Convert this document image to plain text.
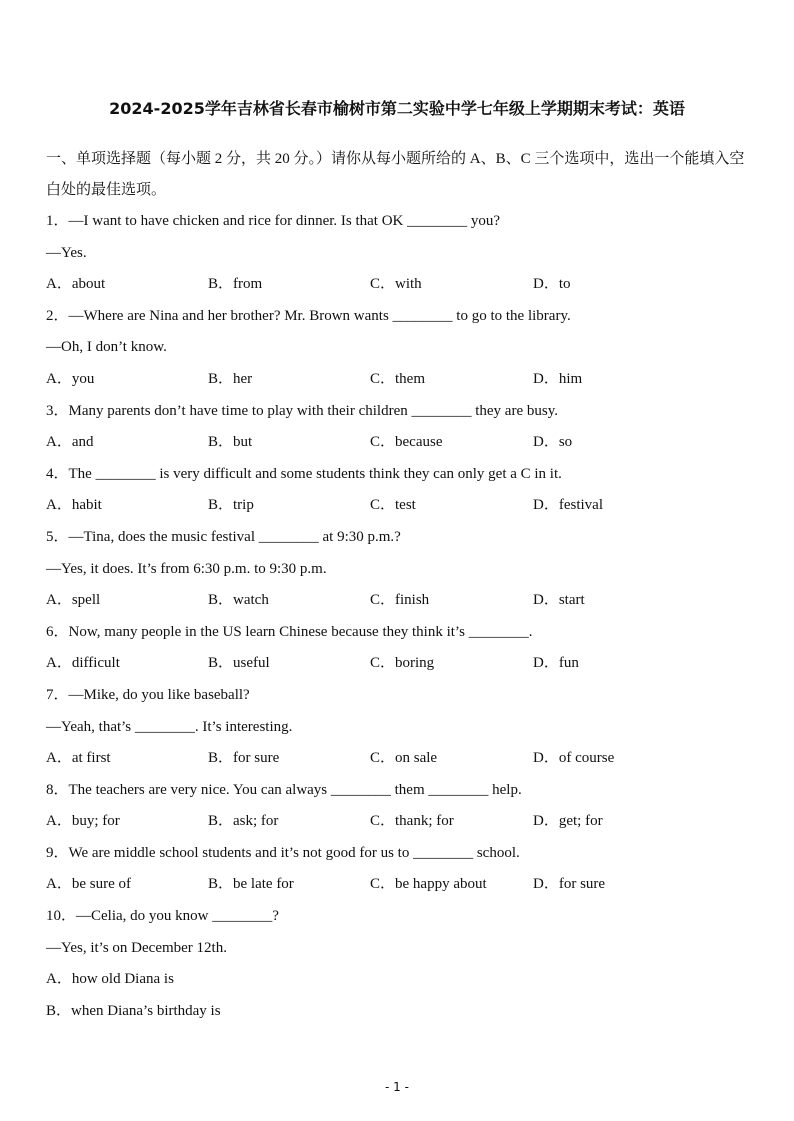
2024-2025学年吉林省长春市榆树市第二实验中学七年级上学期期末考试：英语

一、单项选择题（每小题 2 分，共 20 分。）请你从每小题所给的 A、B、C 三个选项中，选出一个能填入空白处的最佳选项。

1．—I want to have chicken and rice for dinner. Is that OK ________ you?
—Yes.
A．about	B．from	C．with	D．to
2．—Where are Nina and her brother? Mr. Brown wants ________ to go to the library.
—Oh, I don’t know.
A．you	B．her	C．them	D．him
3．Many parents don’t have time to play with their children ________ they are busy.
A．and	B．but	C．because	D．so
4．The ________ is very difficult and some students think they can only get a C in it.
A．habit	B．trip	C．test	D．festival
5．—Tina, does the music festival ________ at 9:30 p.m.?
—Yes, it does. It’s from 6:30 p.m. to 9:30 p.m.
A．spell	B．watch	C．finish	D．start
6．Now, many people in the US learn Chinese because they think it’s ________.
A．difficult	B．useful	C．boring	D．fun
7．—Mike, do you like baseball?
—Yeah, that’s ________. It’s interesting.
A．at first	B．for sure	C．on sale	D．of course
8．The teachers are very nice. You can always ________ them ________ help.
A．buy; for	B．ask; for	C．thank; for	D．get; for
9．We are middle school students and it’s not good for us to ________ school.
A．be sure of	B．be late for	C．be happy about	D．for sure
10．—Celia, do you know ________?
—Yes, it’s on December 12th.
A．how old Diana is
B．when Diana’s birthday is
- 1 -
